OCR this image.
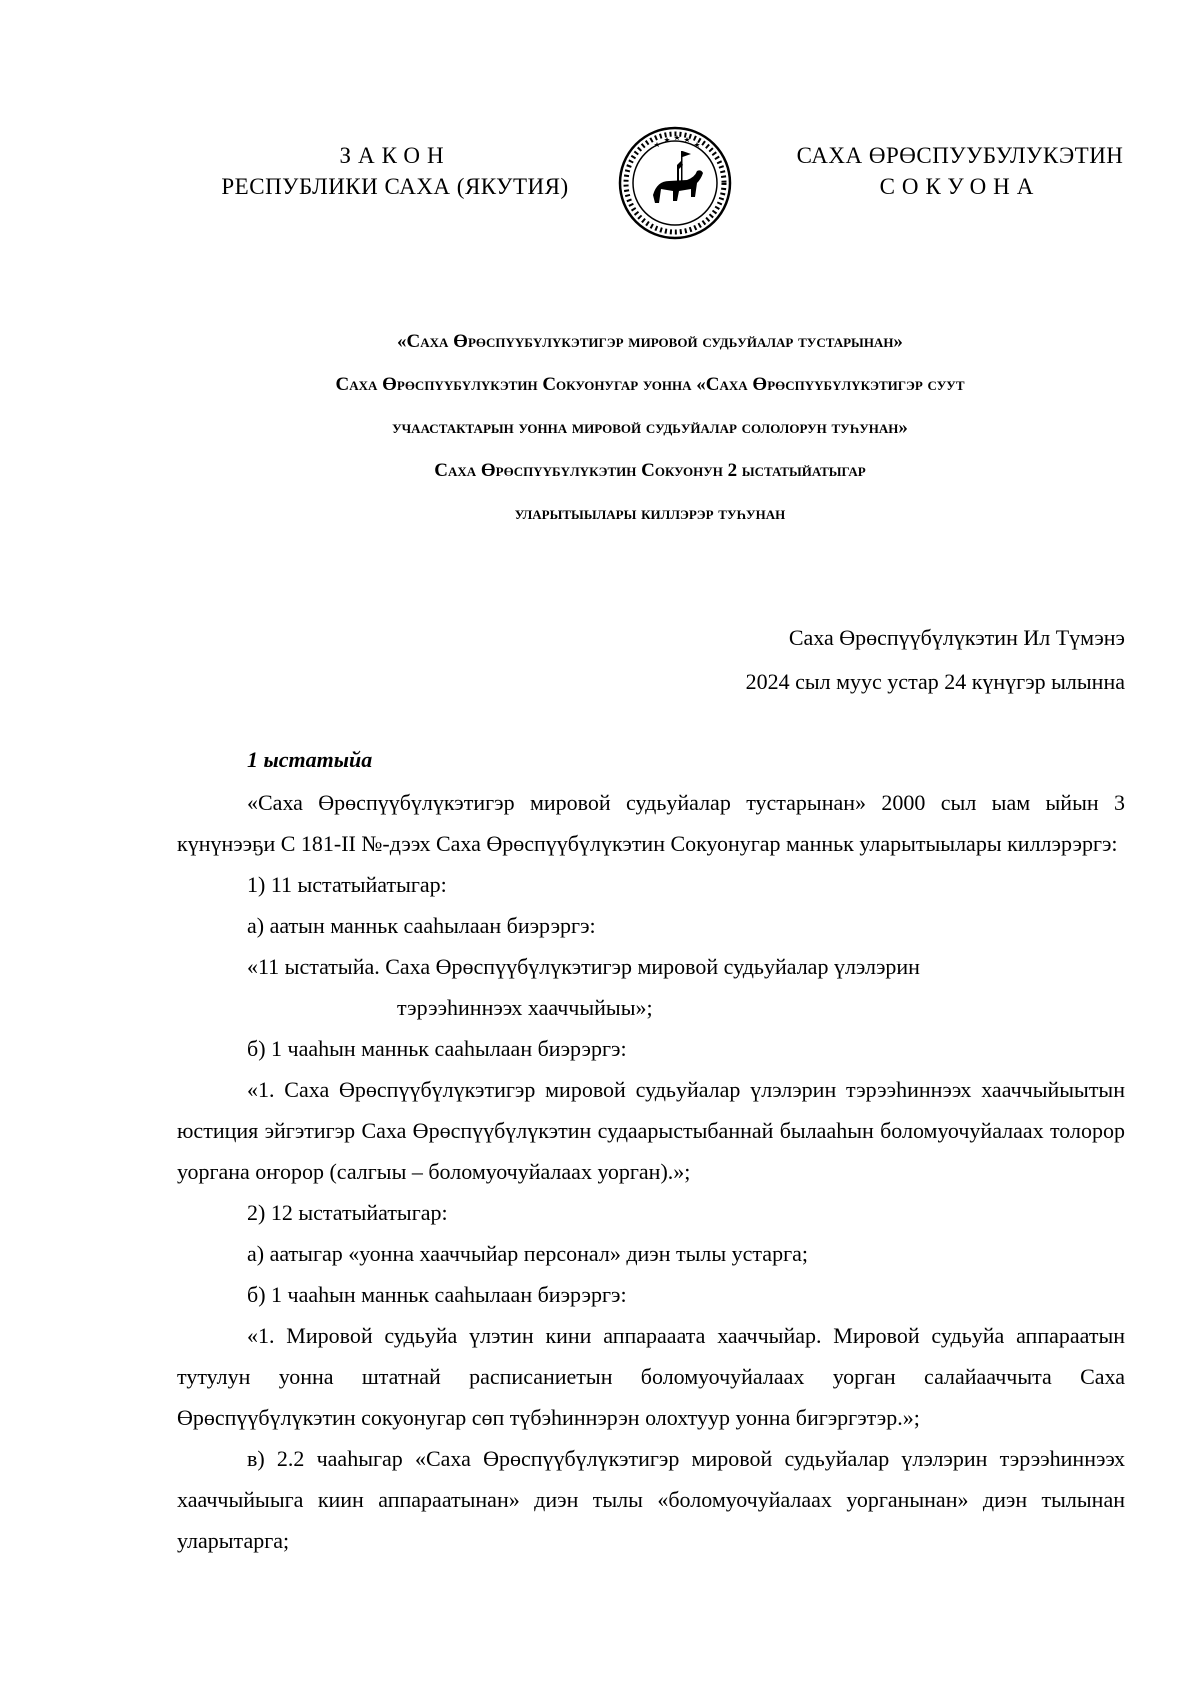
ЗАКОН
РЕСПУБЛИКИ САХА (ЯКУТИЯ)
САХА ӨРӨСПУУБУЛУКЭТИН
СОКУОНА
«Саха Өрөспүүбүлүкэтигэр мировой судьуйалар тустарынан»
Саха Өрөспүүбүлүкэтин Сокуонугар уонна «Саха Өрөспүүбүлүкэтигэр суут
учаастактарын уонна мировой судьуйалар сололорун туһунан»
Саха Өрөспүүбүлүкэтин Сокуонун 2 ыстатыйатыгар
уларытыылары киллэрэр туһунан
Саха Өрөспүүбүлүкэтин Ил Түмэнэ
2024 сыл муус устар 24 күнүгэр ылынна
1 ыстатыйа

«Саха Өрөспүүбүлүкэтигэр мировой судьуйалар тустарынан» 2000 сыл ыам ыйын 3 күнүнээҕи С 181-II №-дээх Саха Өрөспүүбүлүкэтин Сокуонугар манньк уларытыылары киллэрэргэ:

1) 11 ыстатыйатыгар:

а) аатын манньк сааһылаан биэрэргэ:

«11 ыстатыйа. Саха Өрөспүүбүлүкэтигэр мировой судьуйалар үлэлэрин

тэрээһиннээх хааччыйыы»;

б) 1 чааһын манньк сааһылаан биэрэргэ:

«1. Саха Өрөспүүбүлүкэтигэр мировой судьуйалар үлэлэрин тэрээһиннээх хааччыйыытын юстиция эйгэтигэр Саха Өрөспүүбүлүкэтин судаарыстыбаннай былааһын боломуочуйалаах толорор уоргана оҥорор (салгыы – боломуочуйалаах уорган).»;

2) 12 ыстатыйатыгар:

а) аатыгар «уонна хааччыйар персонал» диэн тылы устарга;

б) 1 чааһын манньк сааһылаан биэрэргэ:

«1. Мировой судьуйа үлэтин кини аппарааата хааччыйар. Мировой судьуйа аппараатын тутулун уонна штатнай расписаниетын боломуочуйалаах уорган салайааччыта Саха Өрөспүүбүлүкэтин сокуонугар сөп түбэһиннэрэн олохтуур уонна бигэргэтэр.»;

в) 2.2 чааһыгар «Саха Өрөспүүбүлүкэтигэр мировой судьуйалар үлэлэрин тэрээһиннээх хааччыйыыга киин аппараатынан» диэн тылы «боломуочуйалаах уорганынан» диэн тылынан уларытарга;
